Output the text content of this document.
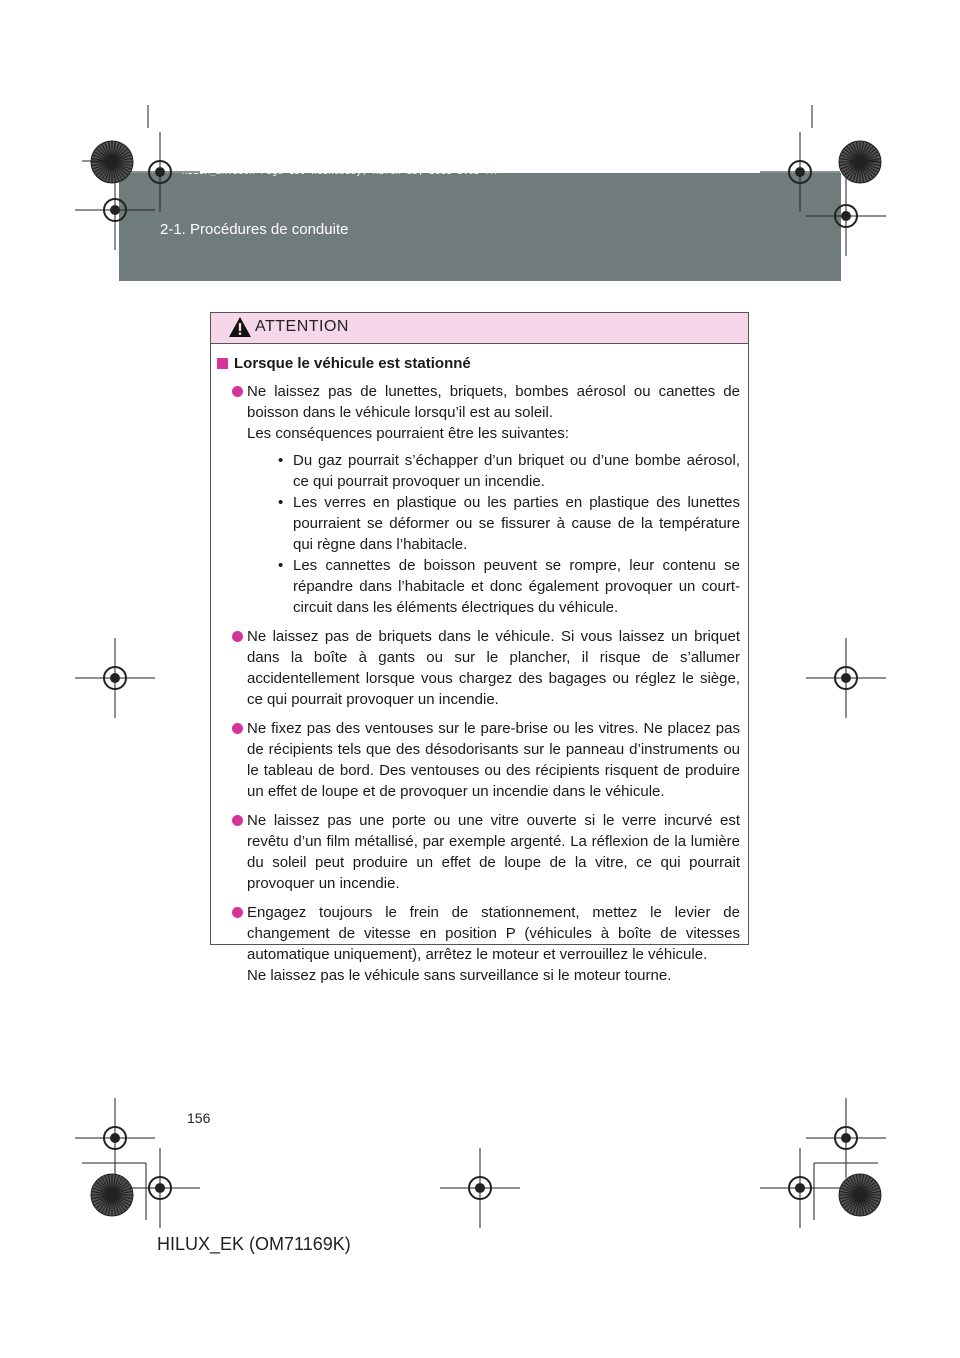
2-1. Procédures de conduite
HILUX_EK.book Page 156 Wednesday, March 23, 2011 3:03 PM
ATTENTION
Lorsque le véhicule est stationné
Ne laissez pas de lunettes, briquets, bombes aérosol ou canettes de boisson dans le véhicule lorsqu’il est au soleil.
Les conséquences pourraient être les suivantes:
• Du gaz pourrait s’échapper d’un briquet ou d’une bombe aérosol, ce qui pourrait provoquer un incendie.
• Les verres en plastique ou les parties en plastique des lunettes pourraient se déformer ou se fissurer à cause de la température qui règne dans l’habitacle.
• Les cannettes de boisson peuvent se rompre, leur contenu se répandre dans l’habitacle et donc également provoquer un court-circuit dans les éléments électriques du véhicule.
Ne laissez pas de briquets dans le véhicule. Si vous laissez un briquet dans la boîte à gants ou sur le plancher, il risque de s’allumer accidentellement lorsque vous chargez des bagages ou réglez le siège, ce qui pourrait provoquer un incendie.
Ne fixez pas des ventouses sur le pare-brise ou les vitres. Ne placez pas de récipients tels que des désodorisants sur le panneau d’instruments ou le tableau de bord. Des ventouses ou des récipients risquent de produire un effet de loupe et de provoquer un incendie dans le véhicule.
Ne laissez pas une porte ou une vitre ouverte si le verre incurvé est revêtu d’un film métallisé, par exemple argenté. La réflexion de la lumière du soleil peut produire un effet de loupe de la vitre, ce qui pourrait provoquer un incendie.
Engagez toujours le frein de stationnement, mettez le levier de changement de vitesse en position P (véhicules à boîte de vitesses automatique uniquement), arrêtez le moteur et verrouillez le véhicule.
Ne laissez pas le véhicule sans surveillance si le moteur tourne.
156
HILUX_EK (OM71169K)
